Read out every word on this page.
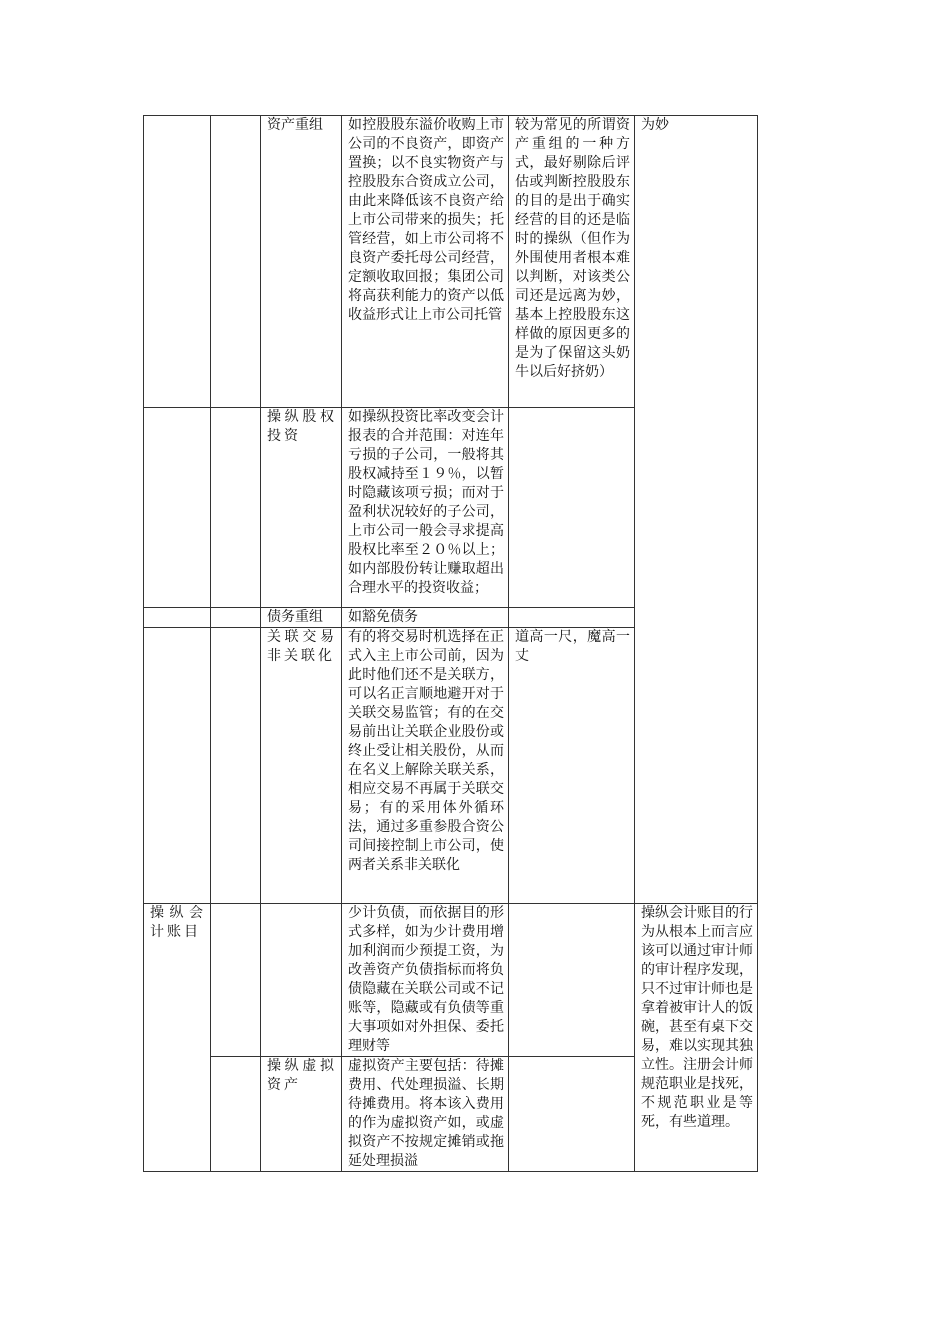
		资产重组	如控股股东溢价收购上市公司的不良资产，即资产置换；以不良实物资产与控股股东合资成立公司，由此来降低该不良资产给上市公司带来的损失；托管经营，如上市公司将不良资产委托母公司经营，定额收取回报；集团公司将高获利能力的资产以低收益形式让上市公司托管	较为常见的所谓资产重组的一种方式，最好剔除后评估或判断控股股东的目的是出于确实经营的目的还是临时的操纵（但作为外围使用者根本难以判断，对该类公司还是远离为妙，基本上控股股东这样做的原因更多的是为了保留这头奶牛以后好挤奶）	为妙
		操纵股权投资	如操纵投资比率改变会计报表的合并范围：对连年亏损的子公司，一般将其股权减持至１９％，以暂时隐藏该项亏损；而对于盈利状况较好的子公司，上市公司一般会寻求提高股权比率至２０％以上；如内部股份转让赚取超出合理水平的投资收益；		
		债务重组	如豁免债务		
		关联交易非关联化	有的将交易时机选择在正式入主上市公司前，因为此时他们还不是关联方，可以名正言顺地避开对于关联交易监管；有的在交易前出让关联企业股份或终止受让相关股份，从而在名义上解除关联关系，相应交易不再属于关联交易；有的采用体外循环法，通过多重参股合资公司间接控制上市公司，使两者关系非关联化	道高一尺，魔高一丈	
操纵会计账目			少计负债，而依据目的形式多样，如为少计费用增加利润而少预提工资，为改善资产负债指标而将负债隐藏在关联公司或不记账等，隐藏或有负债等重大事项如对外担保、委托理财等		操纵会计账目的行为从根本上而言应该可以通过审计师的审计程序发现，只不过审计师也是拿着被审计人的饭碗，甚至有桌下交易，难以实现其独立性。注册会计师规范职业是找死，不规范职业是等死，有些道理。
		操纵虚拟资产	虚拟资产主要包括：待摊费用、代处理损溢、长期待摊费用。将本该入费用的作为虚拟资产如，或虚拟资产不按规定摊销或拖延处理损溢		
